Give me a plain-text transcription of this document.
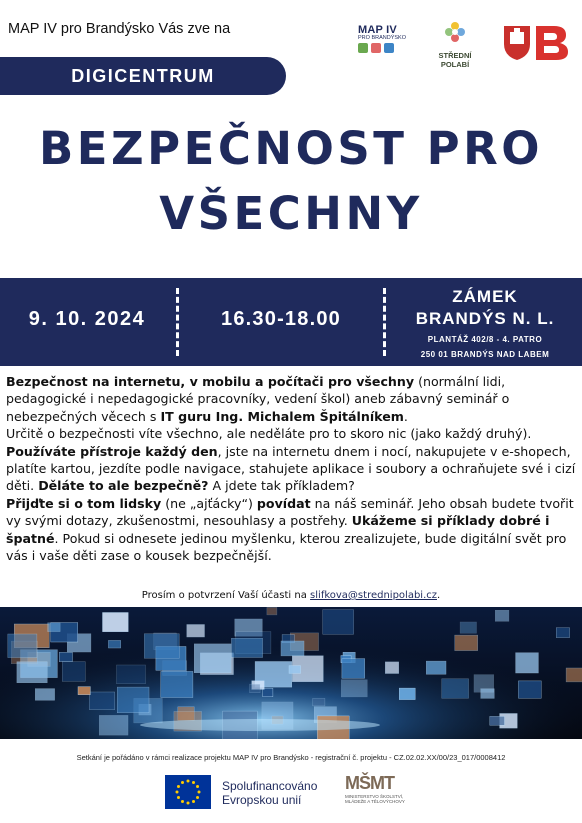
MAP IV pro Brandýsko Vás zve na	MAP IV
PRO BRANDÝSKO
STŘEDNÍ POLABÍ
DIGICENTRUM
BEZPEČNOST PRO
VŠECHNY
9. 10. 2024	16.30-18.00
ZÁMEK
BRANDÝS N. L.
PLANTÁŽ 402/8 - 4. PATRO
250 01 BRANDÝS NAD LABEM

Bezpečnost na internetu, v mobilu a počítači pro všechny (normální lidi, pedagogické i nepedagogické pracovníky, vedení škol) aneb zábavný seminář o nebezpečných věcech s IT guru Ing. Michalem Špitálníkem.

Určitě o bezpečnosti víte všechno, ale neděláte pro to skoro nic (jako každý druhý). Používáte přístroje každý den, jste na internetu dnem i nocí, nakupujete v e-shopech, platíte kartou, jezdíte podle navigace, stahujete aplikace i soubory a ochraňujete své i cizí děti. Děláte to ale bezpečně? A jdete tak příkladem?

Přijďte si o tom lidsky (ne „ajťácky“) povídat na náš seminář. Jeho obsah budete tvořit vy svými dotazy, zkušenostmi, nesouhlasy a postřehy. Ukážeme si příklady dobré i špatné. Pokud si odnesete jedinou myšlenku, kterou zrealizujete, bude digitální svět pro vás i vaše děti zase o kousek bezpečnější.

Prosím o potvrzení Vaší účasti na slifkova@strednipolabi.cz.
Setkání je pořádáno v rámci realizace projektu MAP IV pro Brandýsko - registrační č. projektu - CZ.02.02.XX/00/23_017/0008412
Spolufinancováno
Evropskou unií
MŠMT
MINISTERSTVO ŠKOLSTVÍ,
MLÁDEŽE A TĚLOVÝCHOVY
